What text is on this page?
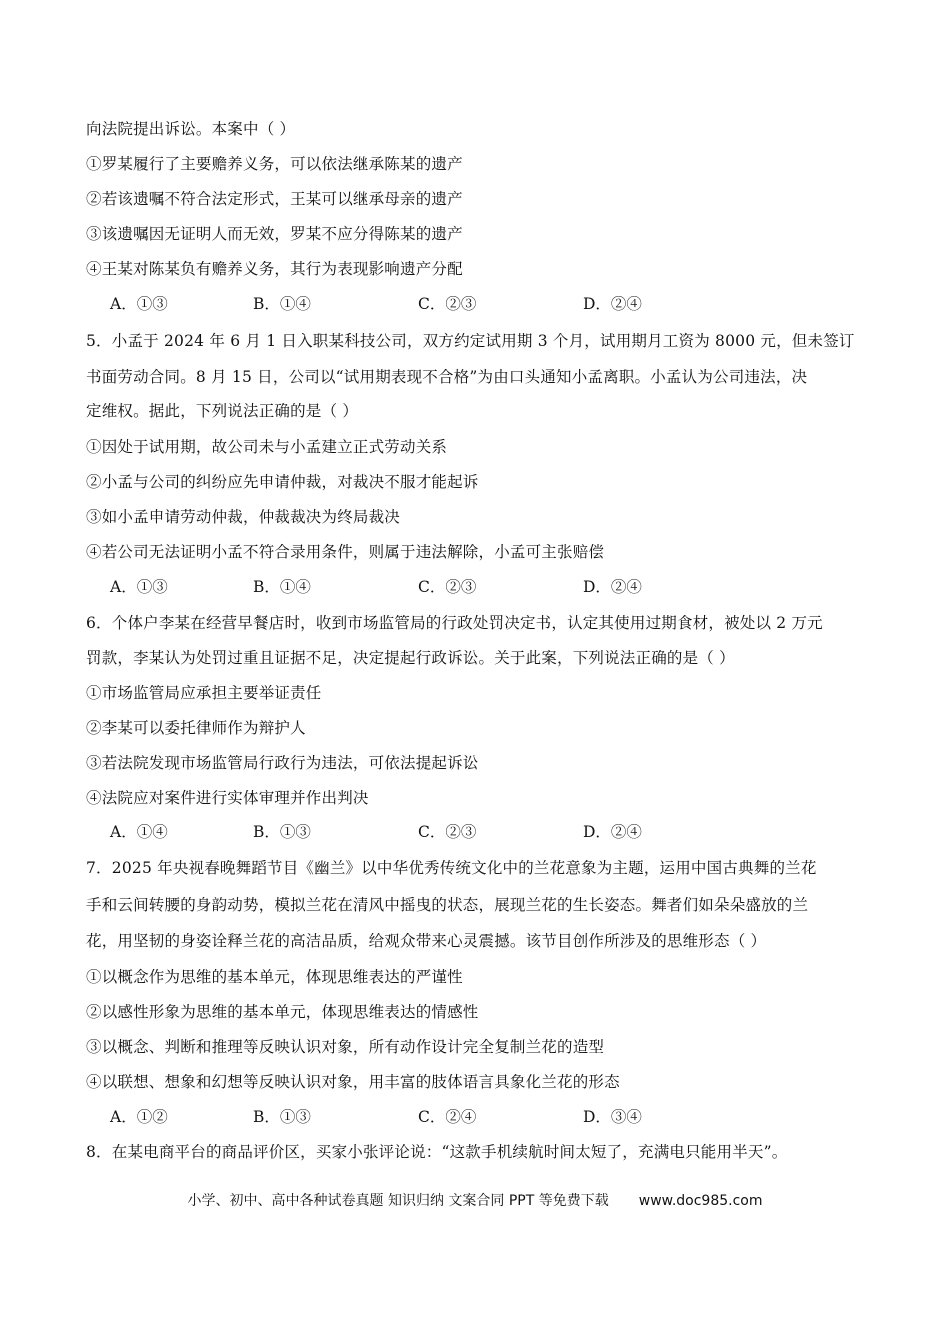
向法院提出诉讼。本案中（ ）
①罗某履行了主要赡养义务，可以依法继承陈某的遗产
②若该遗嘱不符合法定形式，王某可以继承母亲的遗产
③该遗嘱因无证明人而无效，罗某不应分得陈某的遗产
④王某对陈某负有赡养义务，其行为表现影响遗产分配
A．①③	B．①④	C．②③	D．②④
5．小孟于 2024 年 6 月 1 日入职某科技公司，双方约定试用期 3 个月，试用期月工资为 8000 元，但未签订
书面劳动合同。8 月 15 日，公司以“试用期表现不合格”为由口头通知小孟离职。小孟认为公司违法，决
定维权。据此，下列说法正确的是（ ）
①因处于试用期，故公司未与小孟建立正式劳动关系
②小孟与公司的纠纷应先申请仲裁，对裁决不服才能起诉
③如小孟申请劳动仲裁，仲裁裁决为终局裁决
④若公司无法证明小孟不符合录用条件，则属于违法解除，小孟可主张赔偿
A．①③	B．①④	C．②③	D．②④
6．个体户李某在经营早餐店时，收到市场监管局的行政处罚决定书，认定其使用过期食材，被处以 2 万元
罚款，李某认为处罚过重且证据不足，决定提起行政诉讼。关于此案，下列说法正确的是（ ）
①市场监管局应承担主要举证责任
②李某可以委托律师作为辩护人
③若法院发现市场监管局行政行为违法，可依法提起诉讼
④法院应对案件进行实体审理并作出判决
A．①④	B．①③	C．②③	D．②④
7．2025 年央视春晚舞蹈节目《幽兰》以中华优秀传统文化中的兰花意象为主题，运用中国古典舞的兰花
手和云间转腰的身韵动势，模拟兰花在清风中摇曳的状态，展现兰花的生长姿态。舞者们如朵朵盛放的兰
花，用坚韧的身姿诠释兰花的高洁品质，给观众带来心灵震撼。该节目创作所涉及的思维形态（ ）
①以概念作为思维的基本单元，体现思维表达的严谨性
②以感性形象为思维的基本单元，体现思维表达的情感性
③以概念、判断和推理等反映认识对象，所有动作设计完全复制兰花的造型
④以联想、想象和幻想等反映认识对象，用丰富的肢体语言具象化兰花的形态
A．①②	B．①③	C．②④	D．③④
8．在某电商平台的商品评价区，买家小张评论说：“这款手机续航时间太短了，充满电只能用半天”。
小学、初中、高中各种试卷真题 知识归纳 文案合同 PPT 等免费下载 www.doc985.com
